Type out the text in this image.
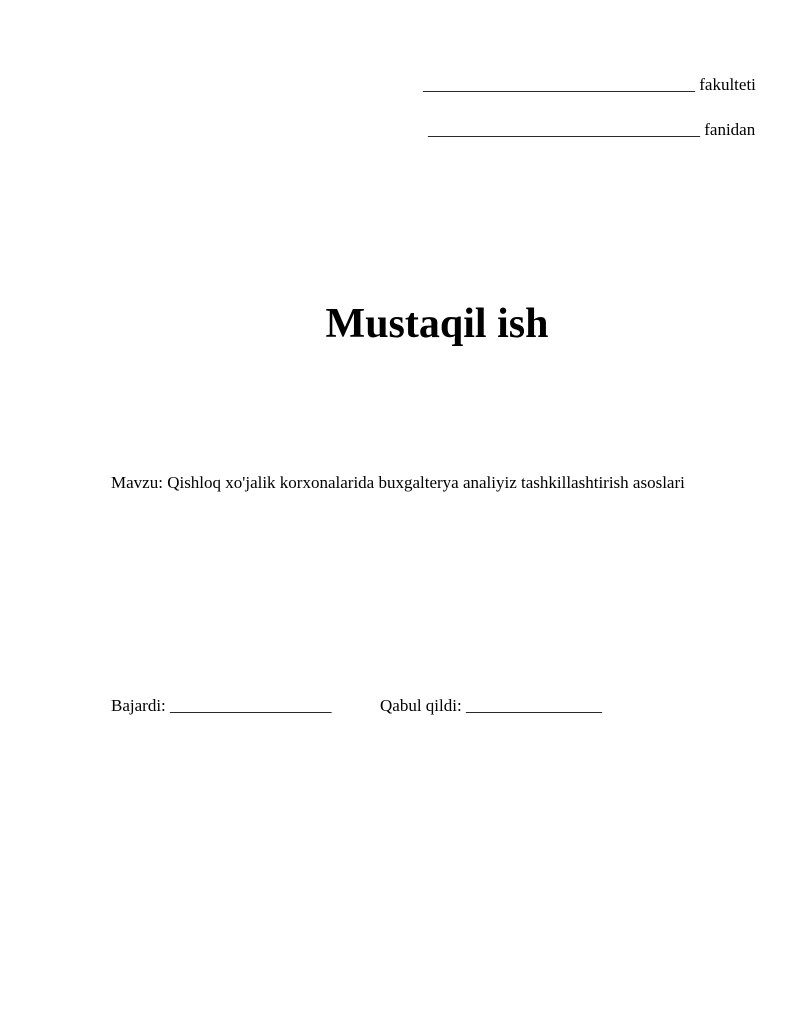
________________________________ fakulteti
________________________________ fanidan
Mustaqil ish
Mavzu: Qishloq xo'jalik korxonalarida buxgalterya analiyiz tashkillashtirish asoslari
Bajardi: ___________________	Qabul qildi: ________________
